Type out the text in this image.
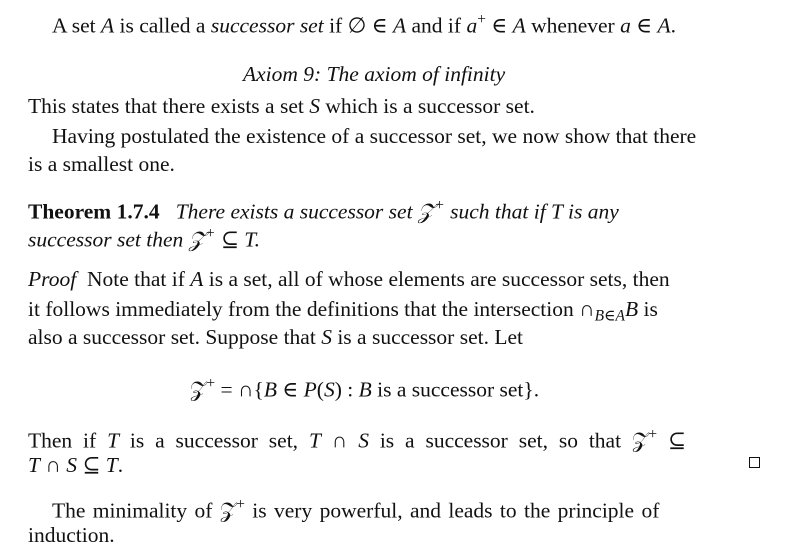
A set A is called a successor set if ∅ ∈ A and if a+ ∈ A whenever a ∈ A.
Axiom 9: The axiom of infinity
This states that there exists a set S which is a successor set.
Having postulated the existence of a successor set, we now show that there
is a smallest one.
Theorem 1.7.4 There exists a successor set 𝒵+ such that if T is any
successor set then 𝒵+ ⊆ T.
Proof Note that if A is a set, all of whose elements are successor sets, then
it follows immediately from the definitions that the intersection $\cap_{B\in A}B$ is
also a successor set. Suppose that S is a successor set. Let
𝒵+ = ∩{B ∈ P(S) : B is a successor set}.
Then if T is a successor set, T ∩ S is a successor set, so that 𝒵+ ⊆
T ∩ S ⊆ T.
The minimality of 𝒵+ is very powerful, and leads to the principle of
induction.
